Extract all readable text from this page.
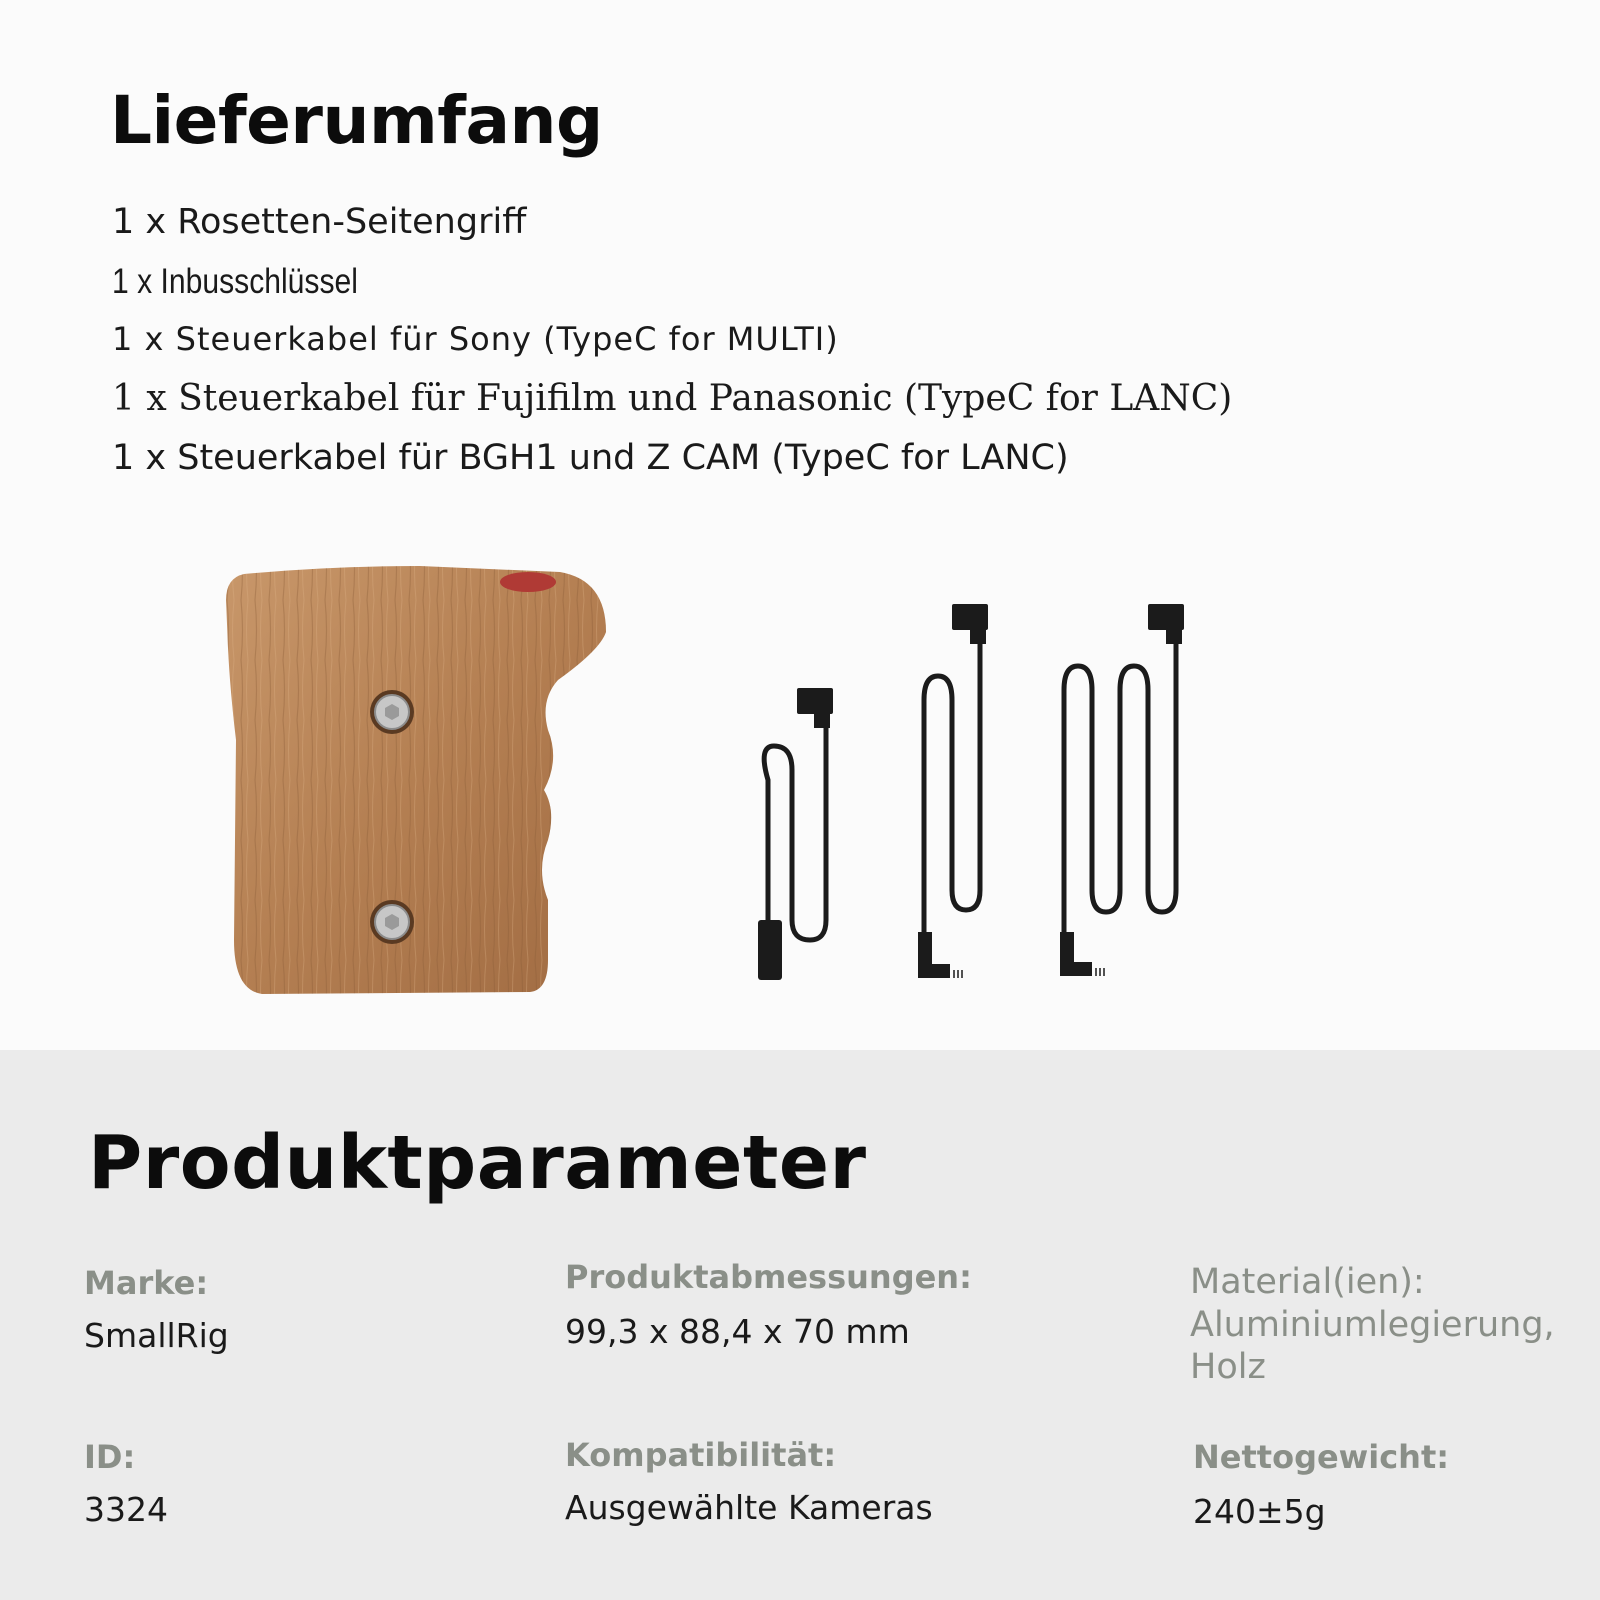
Lieferumfang
1 x Rosetten-Seitengriff
1 x Inbusschlüssel
1 x Steuerkabel für Sony (TypeC for MULTI)
1 x Steuerkabel für Fujifilm und Panasonic (TypeC for LANC)
1 x Steuerkabel für BGH1 und Z CAM (TypeC for LANC)
Produktparameter
Marke:
SmallRig
Produktabmessungen:
99,3 x 88,4 x 70 mm
Material(ien):
Aluminiumlegierung, Holz
ID:
3324
Kompatibilität:
Ausgewählte Kameras
Nettogewicht:
240±5g
